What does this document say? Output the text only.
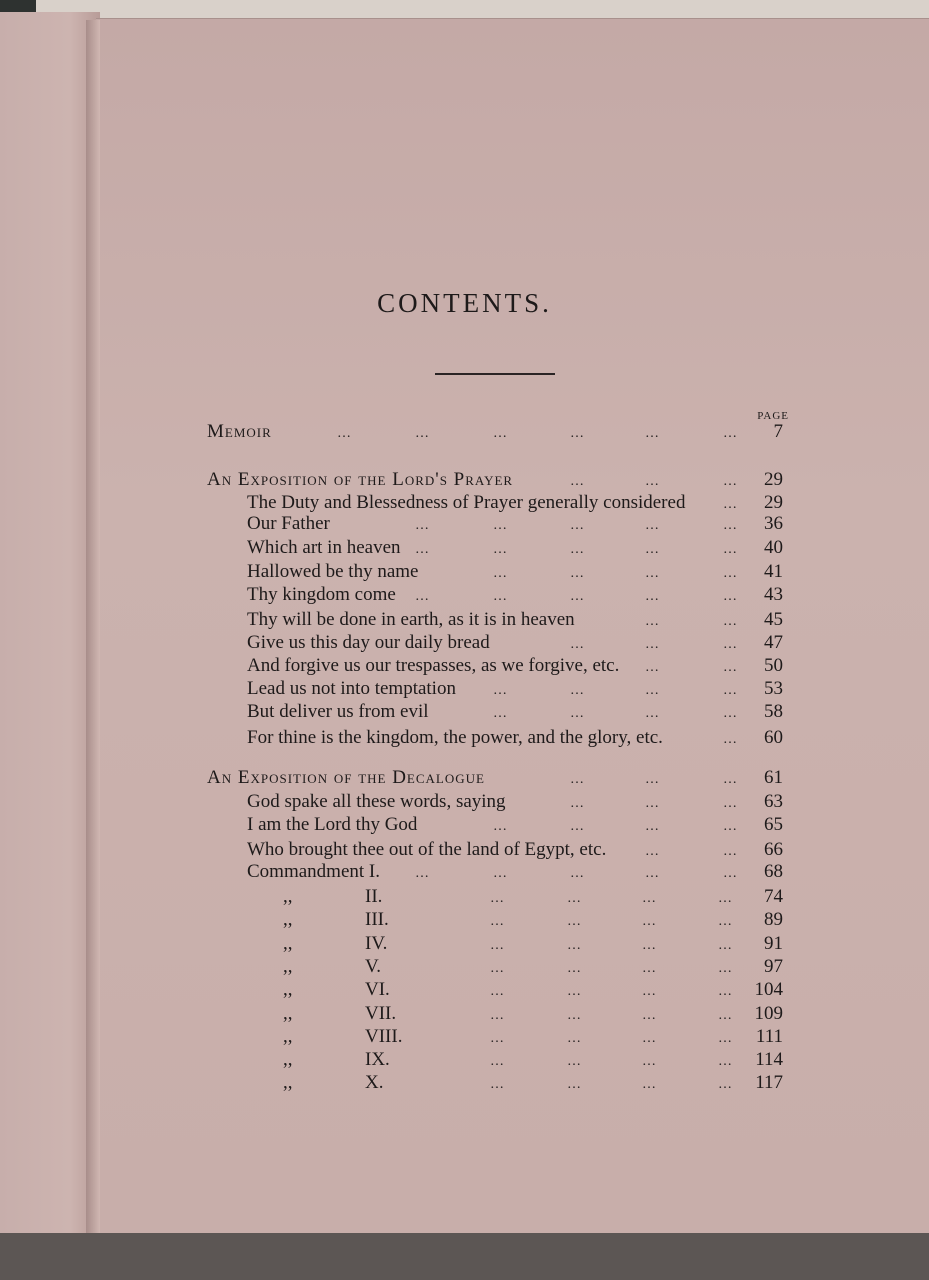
CONTENTS.
PAGE
Memoir … … … … … …	7
An Exposition of the Lord's Prayer … … …	29
The Duty and Blessedness of Prayer generally considered …	29
Our Father … … … … …	36
Which art in heaven … … … … …	40
Hallowed be thy name … … … …	41
Thy kingdom come … … … … …	43
Thy will be done in earth, as it is in heaven … …	45
Give us this day our daily bread … … …	47
And forgive us our trespasses, as we forgive, etc. … …	50
Lead us not into temptation … … … …	53
But deliver us from evil … … … …	58
For thine is the kingdom, the power, and the glory, etc. …	60
An Exposition of the Decalogue … … …	61
God spake all these words, saying … … …	63
I am the Lord thy God … … … …	65
Who brought thee out of the land of Egypt, etc. … …	66
Commandment I. … … … … …	68
,,	II. … … … …	74
,,	III. … … … …	89
,,	IV. … … … …	91
,,	V. … … … …	97
,,	VI. … … … …	104
,,	VII. … … … …	109
,,	VIII. … … … …	111
,,	IX. … … … …	114
,,	X. … … … …	117
